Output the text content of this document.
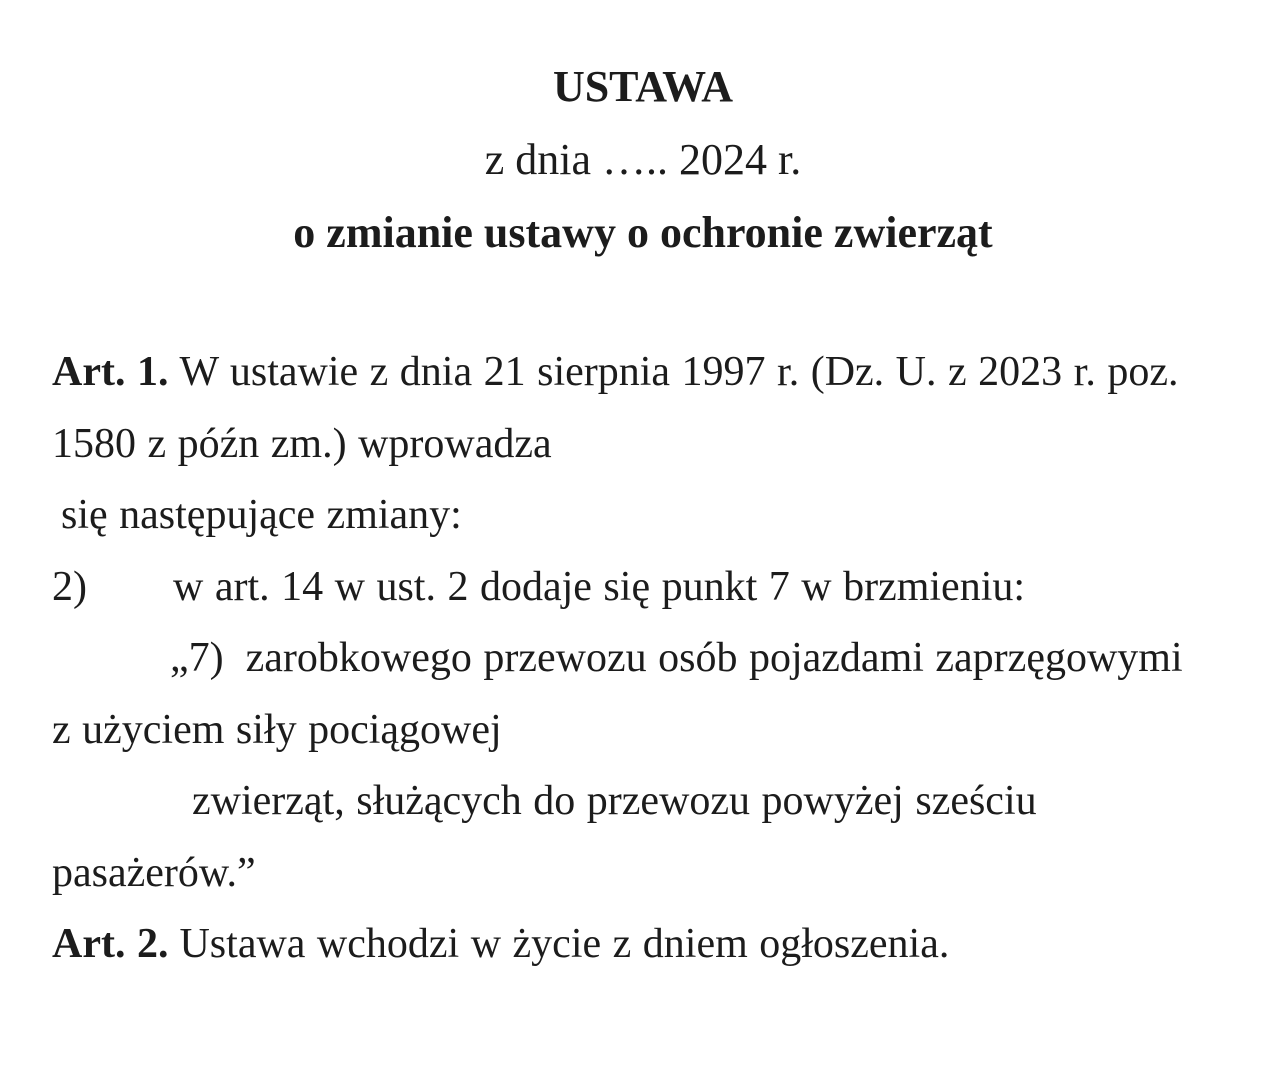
USTAWA
z dnia ….. 2024 r.
o zmianie ustawy o ochronie zwierząt
Art. 1. W ustawie z dnia 21 sierpnia 1997 r. (Dz. U. z 2023 r. poz.
1580 z późn zm.) wprowadza
się następujące zmiany:
2) w art. 14 w ust. 2 dodaje się punkt 7 w brzmieniu:
„7) zarobkowego przewozu osób pojazdami zaprzęgowymi
z użyciem siły pociągowej
zwierząt, służących do przewozu powyżej sześciu
pasażerów.”
Art. 2. Ustawa wchodzi w życie z dniem ogłoszenia.
